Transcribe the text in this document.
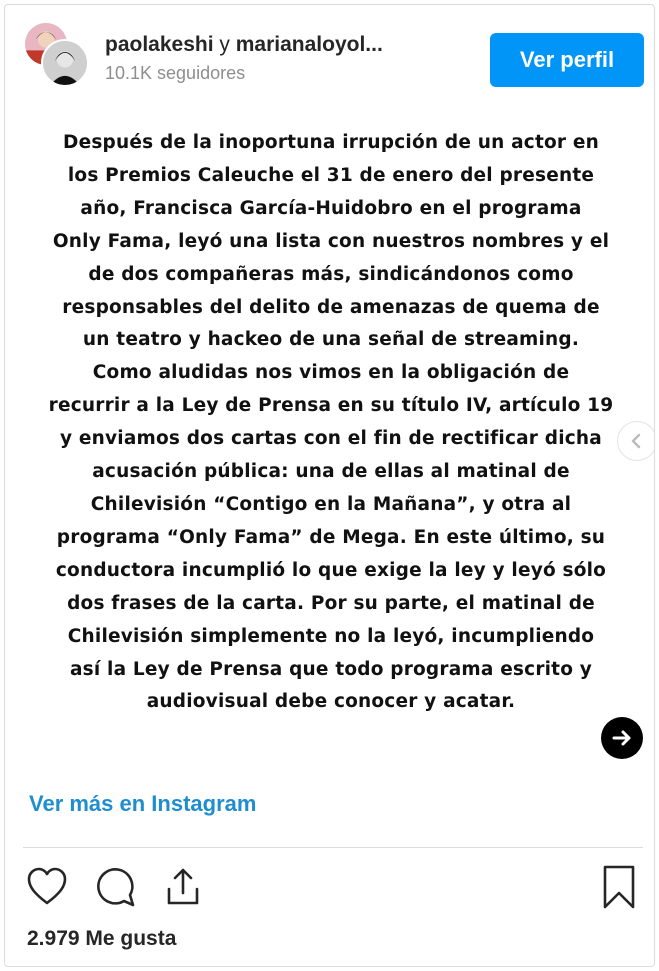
paolakeshi y marianaloyol...
10.1K seguidores
Ver perfil
Después de la inoportuna irrupción de un actor en
los Premios Caleuche el 31 de enero del presente
año, Francisca García-Huidobro en el programa
Only Fama, leyó una lista con nuestros nombres y el
de dos compañeras más, sindicándonos como
responsables del delito de amenazas de quema de
un teatro y hackeo de una señal de streaming.
Como aludidas nos vimos en la obligación de
recurrir a la Ley de Prensa en su título IV, artículo 19
y enviamos dos cartas con el fin de rectificar dicha
acusación pública: una de ellas al matinal de
Chilevisión “Contigo en la Mañana”, y otra al
programa “Only Fama” de Mega. En este último, su
conductora incumplió lo que exige la ley y leyó sólo
dos frases de la carta. Por su parte, el matinal de
Chilevisión simplemente no la leyó, incumpliendo
así la Ley de Prensa que todo programa escrito y
audiovisual debe conocer y acatar.
Ver más en Instagram
2.979 Me gusta
